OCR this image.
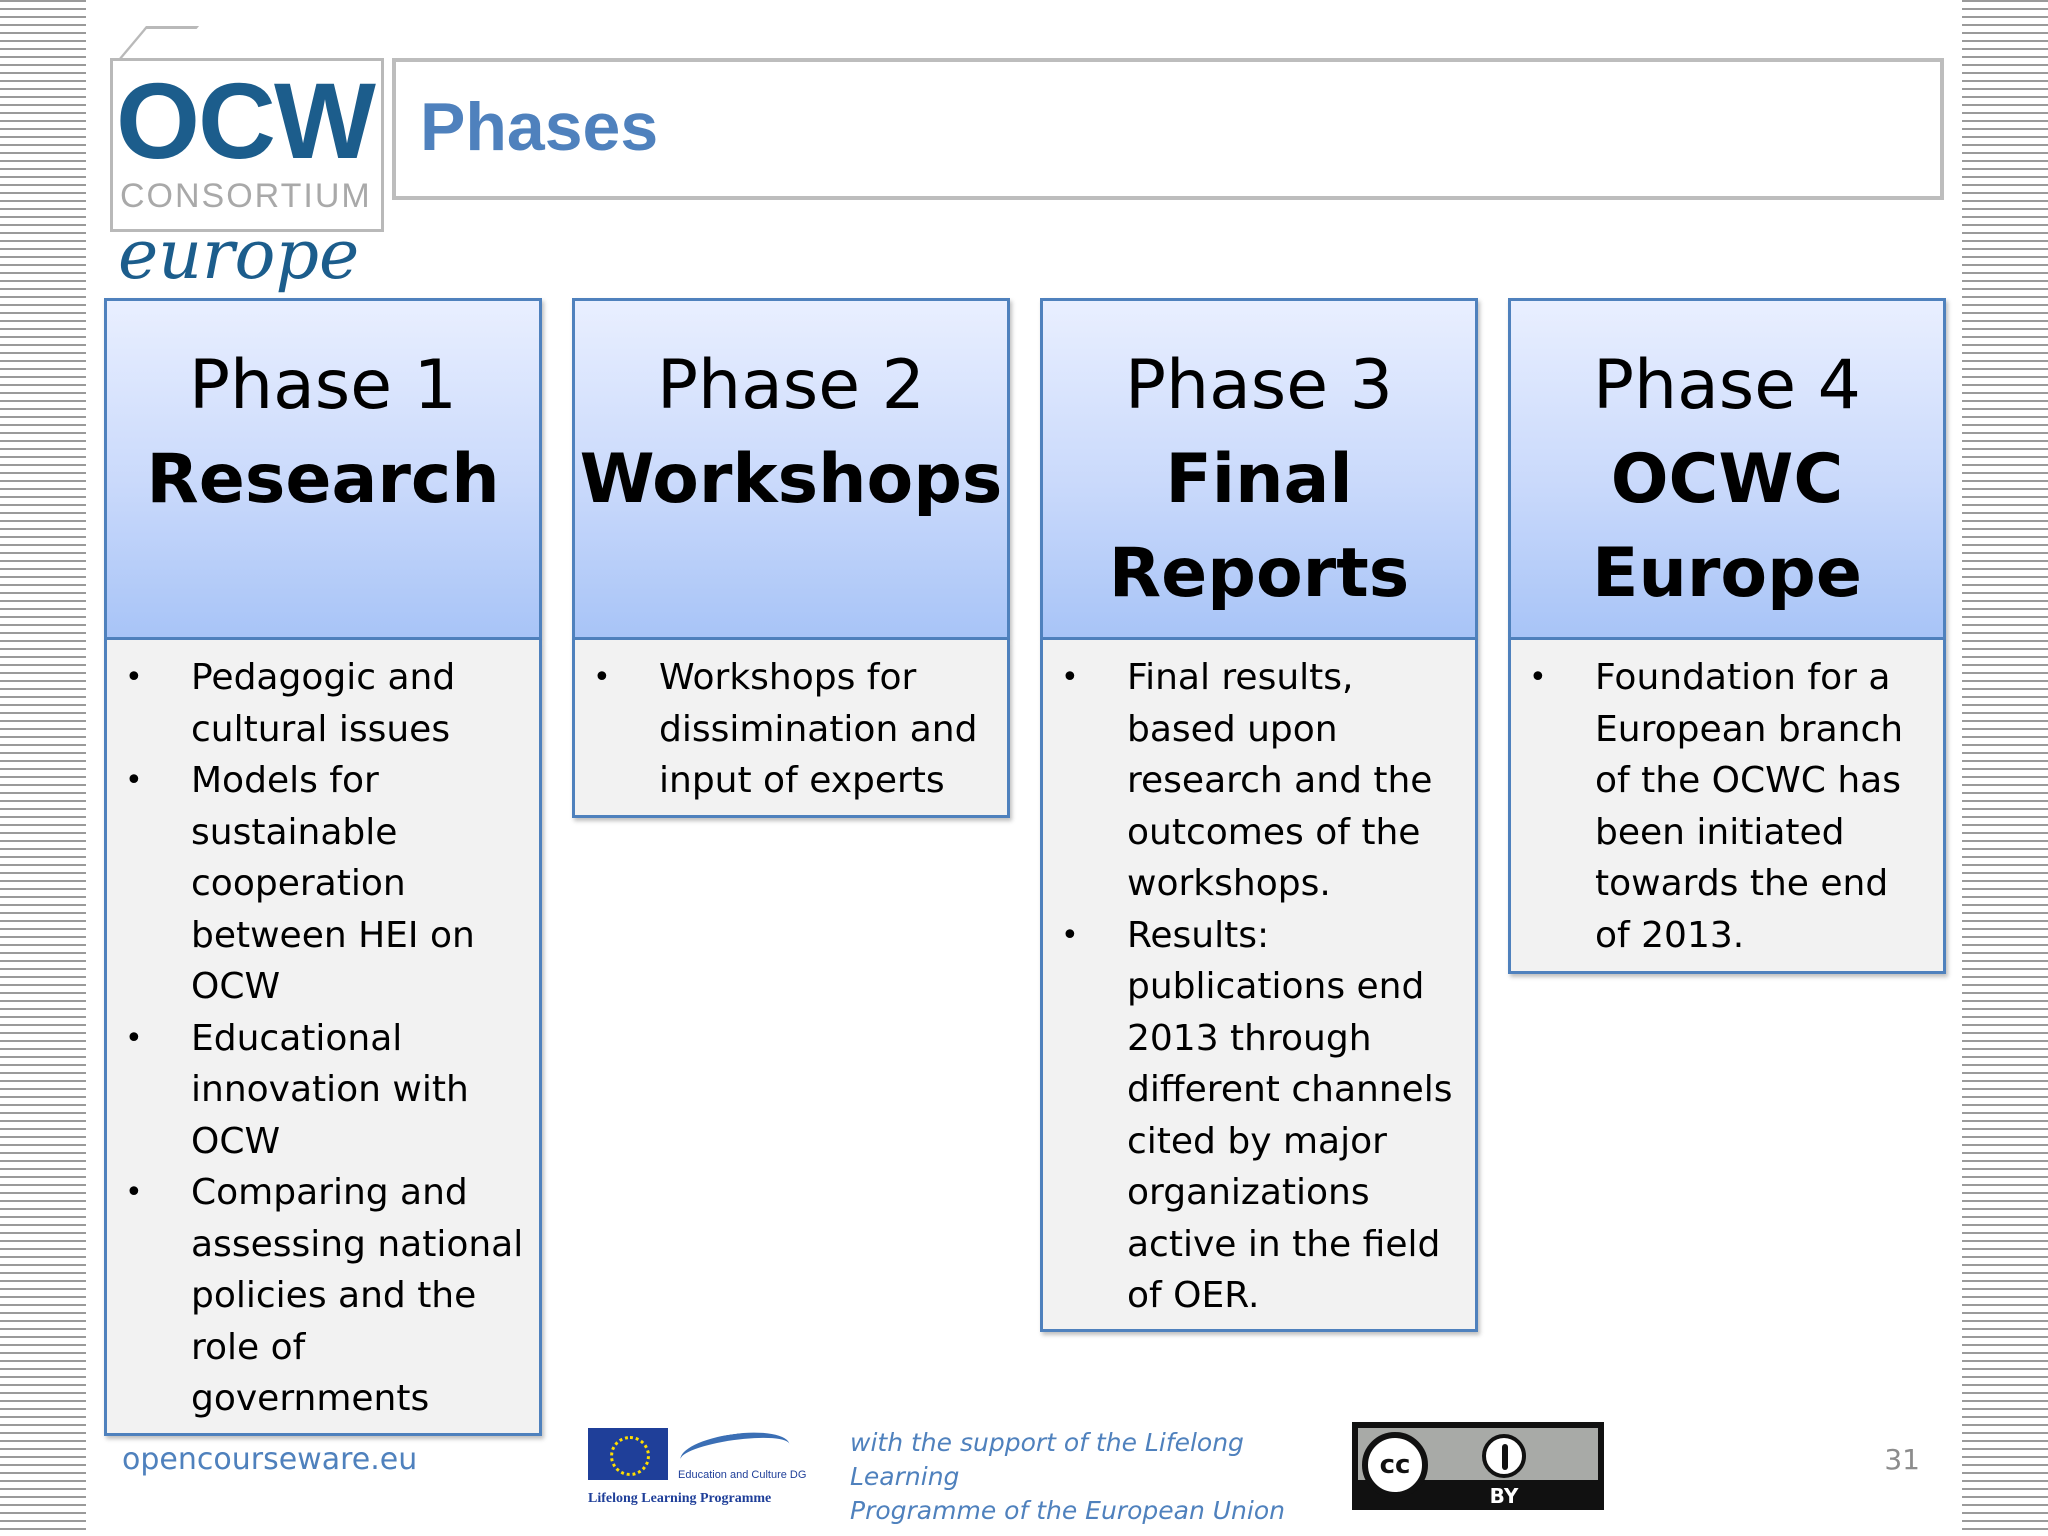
OCW
CONSORTIUM
europe
Phases
Phase 1
Research
• Pedagogic and cultural issues
• Models for sustainable cooperation between HEI on OCW
• Educational innovation with OCW
• Comparing and assessing national policies and the role of governments
Phase 2
Workshops
• Workshops for dissimination and input of experts
Phase 3
Final
Reports
• Final results, based upon research and the outcomes of the workshops.
• Results: publications end 2013 through different channels cited by major organizations active in the field of OER.
Phase 4
OCWC
Europe
• Foundation for a European branch of the OCWC has been initiated towards the end of 2013.
opencourseware.eu	Education and Culture DG
Lifelong Learning Programme
with the support of the Lifelong Learning
Programme of the European Union
cc
BY
31
